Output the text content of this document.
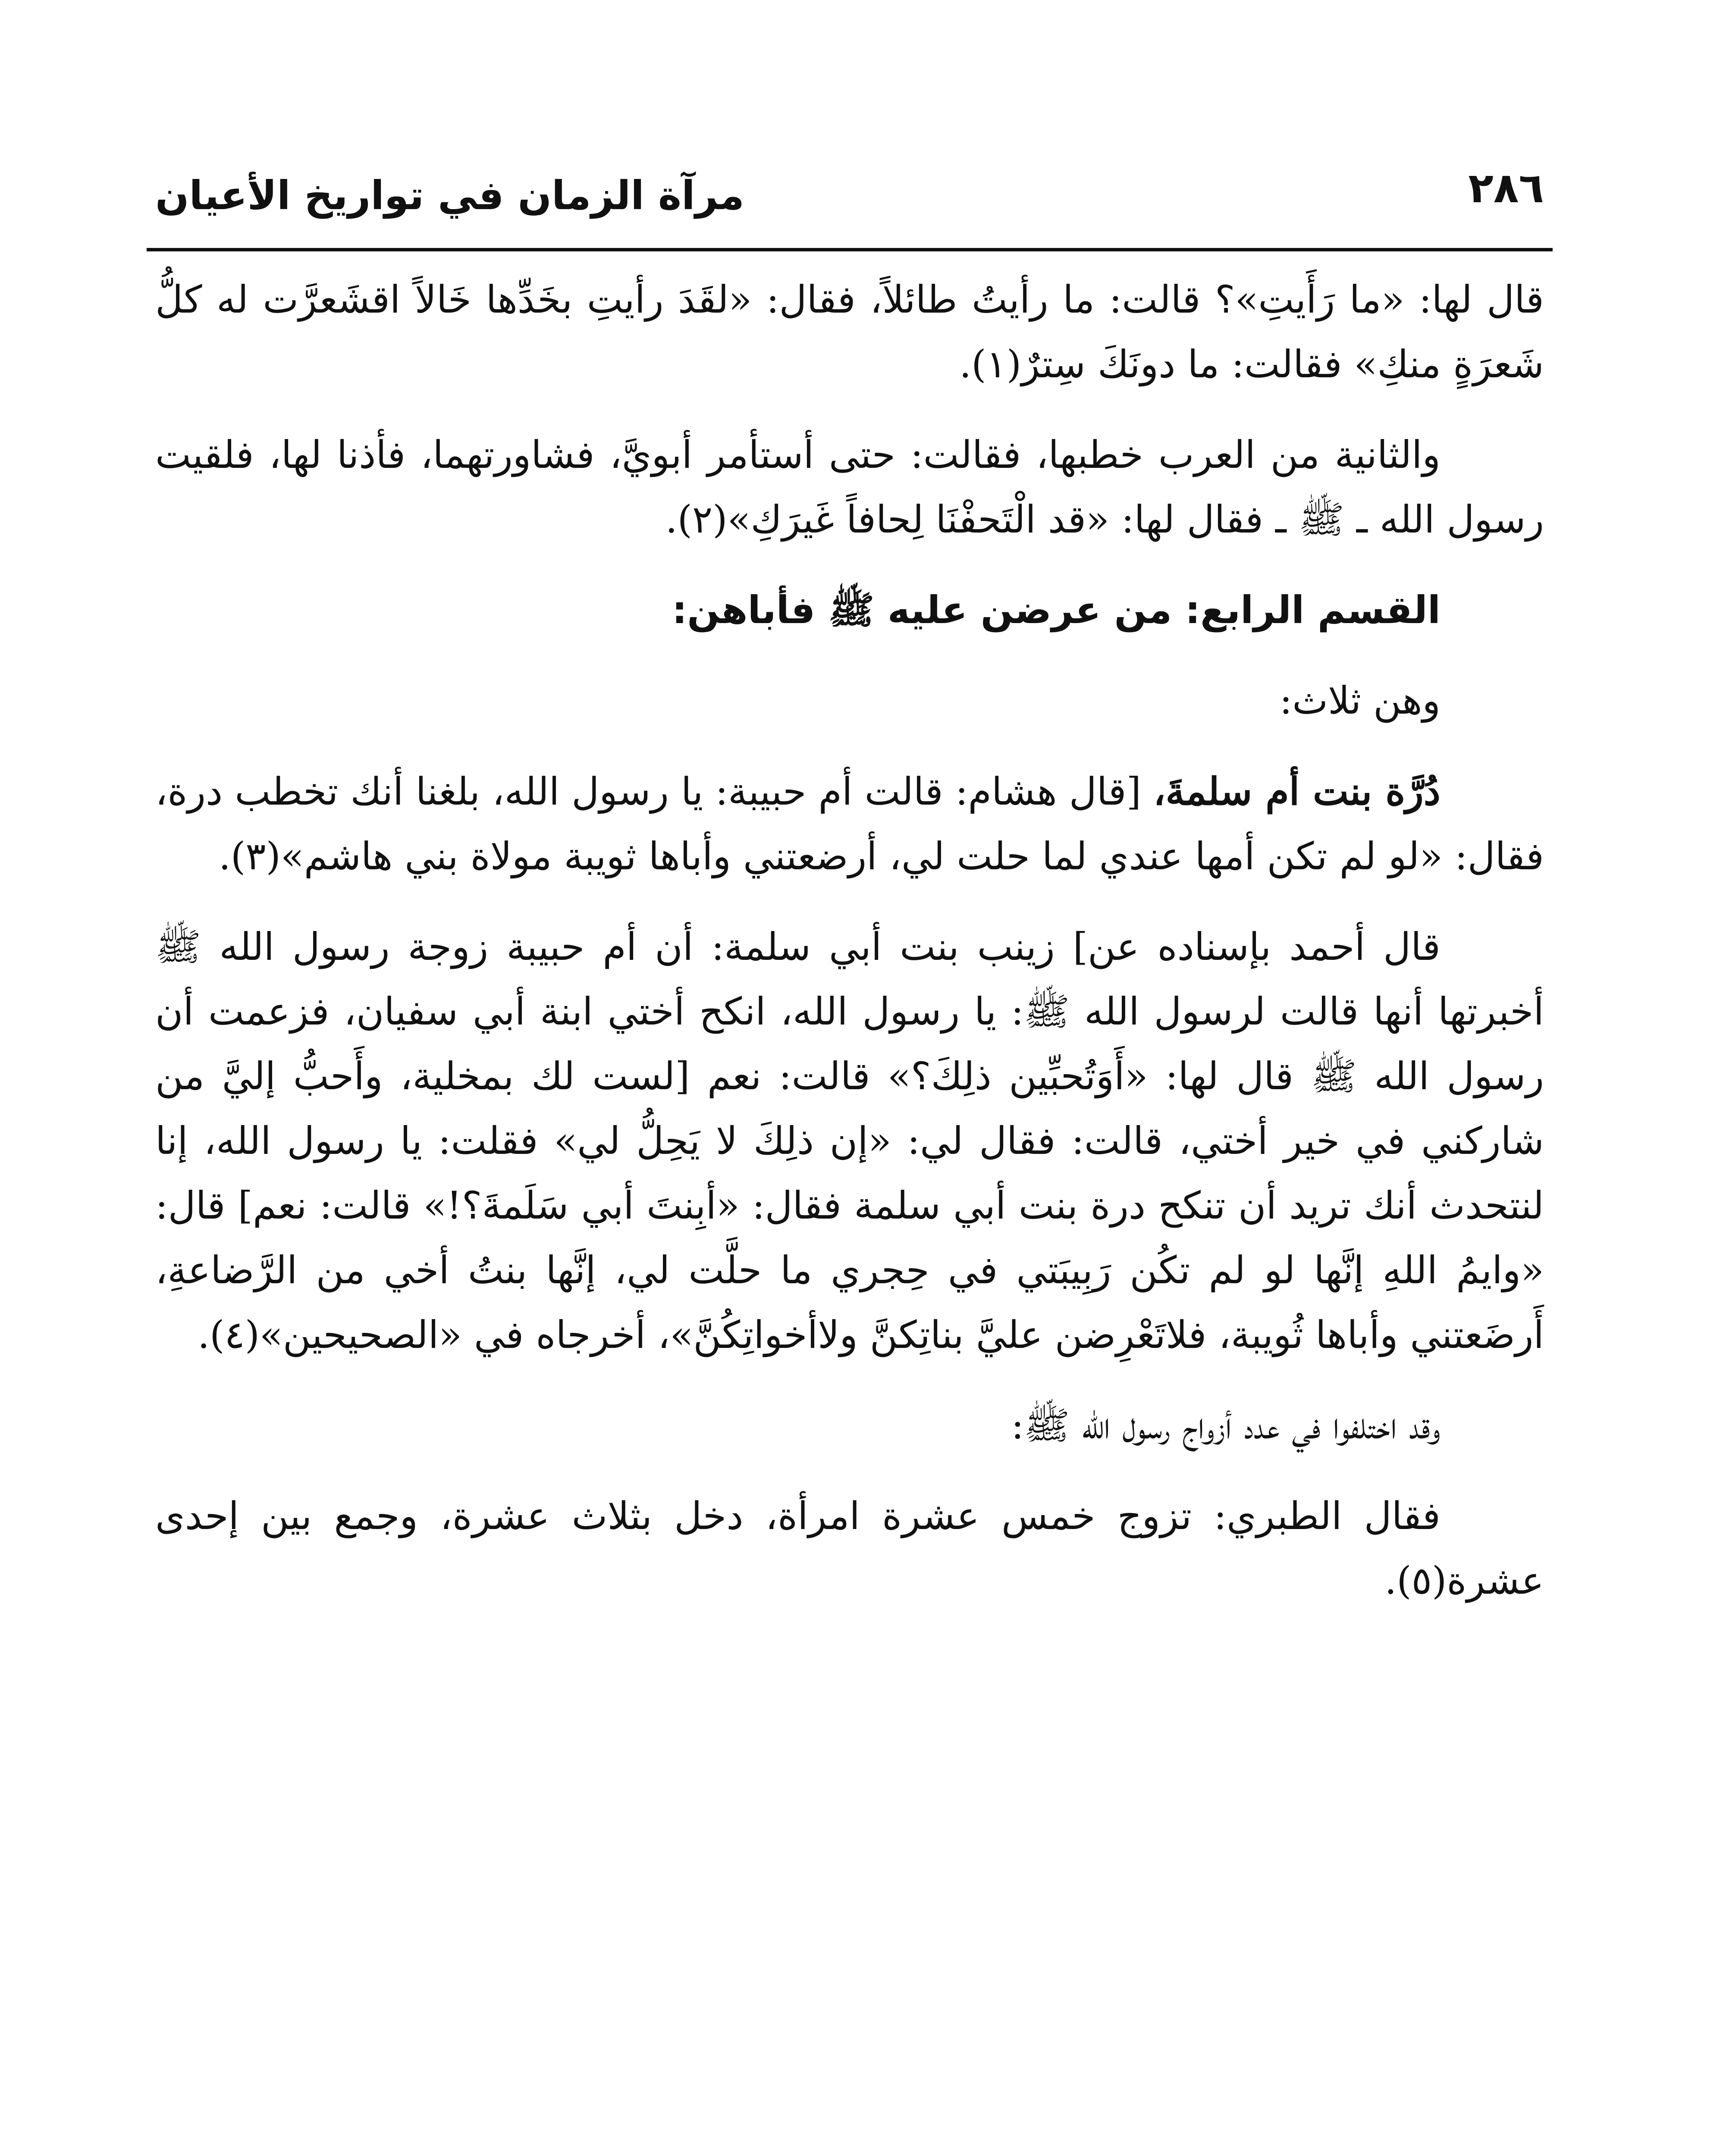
٢٨٦
مرآة الزمان في تواريخ الأعيان

قال لها: «ما رَأَيتِ»؟ قالت: ما رأيتُ طائلاً، فقال: «لقَدَ رأيتِ بخَدِّها خَالاً اقشَعرَّت له كلُّ شَعرَةٍ منكِ» فقالت: ما دونَكَ سِترٌ(١).

والثانية من العرب خطبها، فقالت: حتى أستأمر أبويَّ، فشاورتهما، فأذنا لها، فلقيت رسول الله ـ ﷺ ـ فقال لها: «قد الْتَحفْنَا لِحافاً غَيرَكِ»(٢).

القسم الرابع: من عرضن عليه ﷺ فأباهن:

وهن ثلاث:

دُرَّة بنت أم سلمةَ، [قال هشام: قالت أم حبيبة: يا رسول الله، بلغنا أنك تخطب درة، فقال: «لو لم تكن أمها عندي لما حلت لي، أرضعتني وأباها ثويبة مولاة بني هاشم»(٣).

قال أحمد بإسناده عن] زينب بنت أبي سلمة: أن أم حبيبة زوجة رسول الله ﷺ أخبرتها أنها قالت لرسول الله ﷺ: يا رسول الله، انكح أختي ابنة أبي سفيان، فزعمت أن رسول الله ﷺ قال لها: «أَوَتُحبِّين ذلِكَ؟» قالت: نعم [لست لك بمخلية، وأَحبُّ إليَّ من شاركني في خير أختي، قالت: فقال لي: «إن ذلِكَ لا يَحِلُّ لي» فقلت: يا رسول الله، إنا لنتحدث أنك تريد أن تنكح درة بنت أبي سلمة فقال: «أبِنتَ أبي سَلَمةَ؟!» قالت: نعم] قال: «وايمُ اللهِ إنَّها لو لم تكُن رَبِيبَتي في حِجري ما حلَّت لي، إنَّها بنتُ أخي من الرَّضاعةِ، أَرضَعتني وأباها ثُويبة، فلاتَعْرِضن عليَّ بناتِكنَّ ولاأخواتِكُنَّ»، أخرجاه في «الصحيحين»(٤).

وقد اختلفوا في عدد أزواج رسول الله ﷺ:

فقال الطبري: تزوج خمس عشرة امرأة، دخل بثلاث عشرة، وجمع بين إحدى عشرة(٥).
